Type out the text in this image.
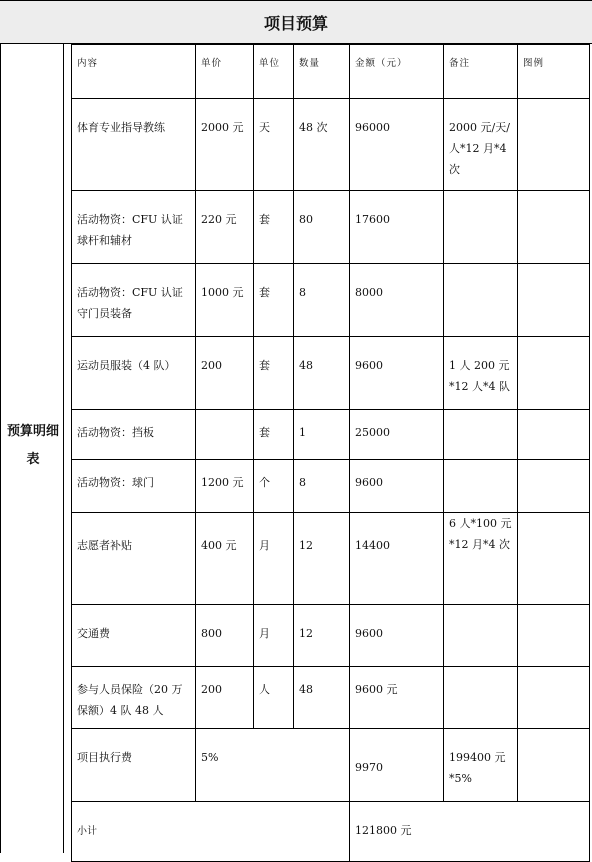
项目预算
预算明细表
内容	单价	单位	数量	金额（元）	备注	图例
体育专业指导教练	2000 元	天	48 次	96000	2000 元/天/人*12 月*4 次	
活动物资：CFU 认证球杆和辅材	220 元	套	80	17600		
活动物资：CFU 认证守门员装备	1000 元	套	8	8000		
运动员服装（4 队）	200	套	48	9600	1 人 200 元*12 人*4 队	
活动物资：挡板		套	1	25000		
活动物资：球门	1200 元	个	8	9600		
志愿者补贴	400 元	月	12	14400	6 人*100 元*12 月*4 次	
交通费	800	月	12	9600		
参与人员保险（20 万保额）4 队 48 人	200	人	48	9600 元		
项目执行费	5%			9970	199400 元*5%	
小计				121800 元		
